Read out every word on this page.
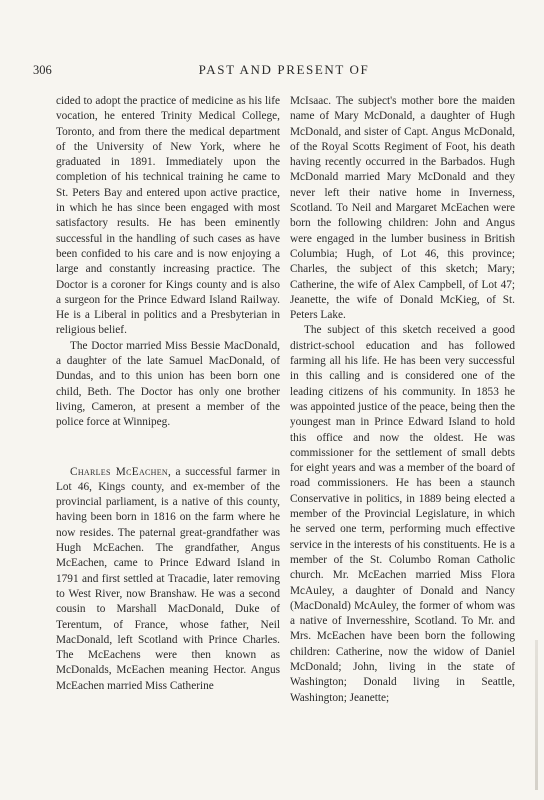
306	PAST AND PRESENT OF

cided to adopt the practice of medicine as his life vocation, he entered Trinity Medical College, Toronto, and from there the medical department of the University of New York, where he graduated in 1891. Immediately upon the completion of his technical training he came to St. Peters Bay and entered upon active practice, in which he has since been engaged with most satisfactory results. He has been eminently successful in the handling of such cases as have been confided to his care and is now enjoying a large and constantly increasing practice. The Doctor is a coroner for Kings county and is also a surgeon for the Prince Edward Island Railway. He is a Liberal in politics and a Presbyterian in religious belief.

The Doctor married Miss Bessie MacDonald, a daughter of the late Samuel MacDonald, of Dundas, and to this union has been born one child, Beth. The Doctor has only one brother living, Cameron, at present a member of the police force at Winnipeg.

Charles McEachen, a successful farmer in Lot 46, Kings county, and ex-member of the provincial parliament, is a native of this county, having been born in 1816 on the farm where he now resides. The paternal great-grandfather was Hugh McEachen. The grandfather, Angus McEachen, came to Prince Edward Island in 1791 and first settled at Tracadie, later removing to West River, now Branshaw. He was a second cousin to Marshall MacDonald, Duke of Terentum, of France, whose father, Neil MacDonald, left Scotland with Prince Charles. The McEachens were then known as McDonalds, McEachen meaning Hector. Angus McEachen married Miss Catherine

McIsaac. The subject's mother bore the maiden name of Mary McDonald, a daughter of Hugh McDonald, and sister of Capt. Angus McDonald, of the Royal Scotts Regiment of Foot, his death having recently occurred in the Barbados. Hugh McDonald married Mary McDonald and they never left their native home in Inverness, Scotland. To Neil and Margaret McEachen were born the following children: John and Angus were engaged in the lumber business in British Columbia; Hugh, of Lot 46, this province; Charles, the subject of this sketch; Mary; Catherine, the wife of Alex Campbell, of Lot 47; Jeanette, the wife of Donald McKieg, of St. Peters Lake.

The subject of this sketch received a good district-school education and has followed farming all his life. He has been very successful in this calling and is considered one of the leading citizens of his community. In 1853 he was appointed justice of the peace, being then the youngest man in Prince Edward Island to hold this office and now the oldest. He was commissioner for the settlement of small debts for eight years and was a member of the board of road commissioners. He has been a staunch Conservative in politics, in 1889 being elected a member of the Provincial Legislature, in which he served one term, performing much effective service in the interests of his constituents. He is a member of the St. Columbo Roman Catholic church. Mr. McEachen married Miss Flora McAuley, a daughter of Donald and Nancy (MacDonald) McAuley, the former of whom was a native of Invernesshire, Scotland. To Mr. and Mrs. McEachen have been born the following children: Catherine, now the widow of Daniel McDonald; John, living in the state of Washington; Donald living in Seattle, Washington; Jeanette;
